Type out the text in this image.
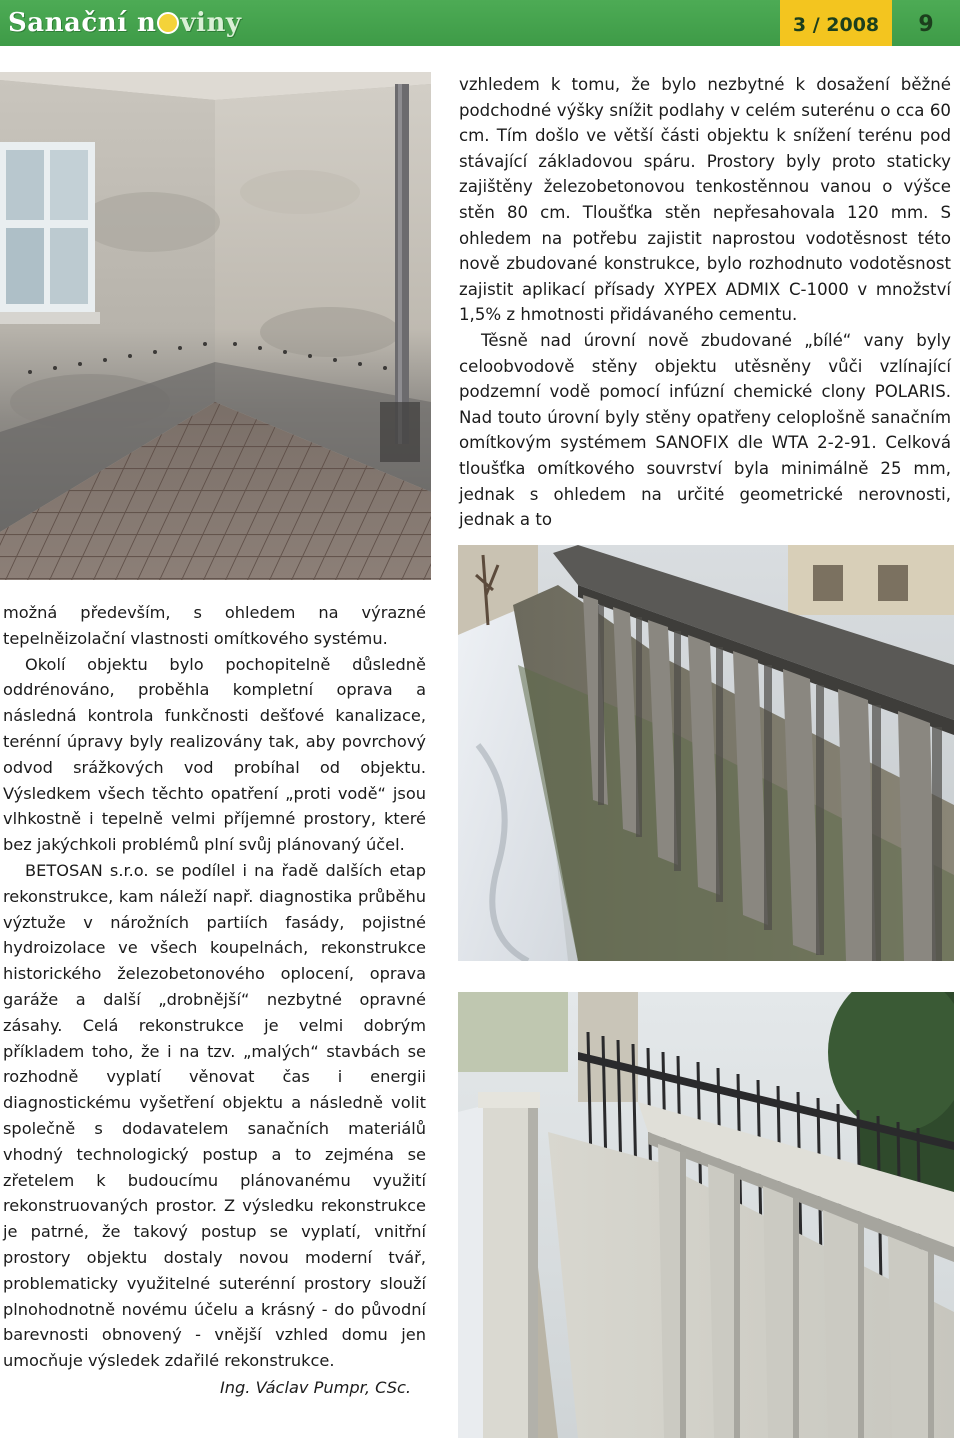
Sanační n viny	3 / 2008	9

vzhledem k tomu, že bylo nezbytné k dosažení běžné podchodné výšky snížit podlahy v celém suterénu o cca 60 cm. Tím došlo ve větší části objektu k snížení terénu pod stávající základovou spáru. Prostory byly proto staticky zajištěny železobetonovou tenkostěnnou vanou o výšce stěn 80 cm. Tloušťka stěn nepřesahovala 120 mm. S ohledem na potřebu zajistit naprostou vodotěsnost této nově zbudované konstrukce, bylo rozhodnuto vodotěsnost zajistit aplikací přísady XYPEX ADMIX C-1000 v množství 1,5% z hmotnosti přidávaného cementu.

Těsně nad úrovní nově zbudované „bílé“ vany byly celoobvodově stěny objektu utěsněny vůči vzlínající podzemní vodě pomocí infúzní chemické clony POLARIS. Nad touto úrovní byly stěny opatřeny celoplošně sanačním omítkovým systémem SANOFIX dle WTA 2-2-91. Celková tloušťka omítkového souvrství byla minimálně 25 mm, jednak s ohledem na určité geometrické nerovnosti, jednak a to

možná především, s ohledem na výrazné tepelněizolační vlastnosti omítkového systému.

Okolí objektu bylo pochopitelně důsledně oddrénováno, proběhla kompletní oprava a následná kontrola funkčnosti dešťové kanalizace, terénní úpravy byly realizovány tak, aby povrchový odvod srážkových vod probíhal od objektu. Výsledkem všech těchto opatření „proti vodě“ jsou vlhkostně i tepelně velmi příjemné prostory, které bez jakýchkoli problémů plní svůj plánovaný účel.

BETOSAN s.r.o. se podílel i na řadě dalších etap rekonstrukce, kam náleží např. diagnostika průběhu výztuže v nárožních partiích fasády, pojistné hydroizolace ve všech koupelnách, rekonstrukce historického železobetonového oplocení, oprava garáže a další „drobnější“ nezbytné opravné zásahy. Celá rekonstrukce je velmi dobrým příkladem toho, že i na tzv. „malých“ stavbách se rozhodně vyplatí věnovat čas i energii diagnostickému vyšetření objektu a následně volit společně s dodavatelem sanačních materiálů vhodný technologický postup a to zejména se zřetelem k budoucímu plánovanému využití rekonstruovaných prostor. Z výsledku rekonstrukce je patrné, že takový postup se vyplatí, vnitřní prostory objektu dostaly novou moderní tvář, problematicky využitelné suterénní prostory slouží plnohodnotně novému účelu a krásný - do původní barevnosti obnovený - vnější vzhled domu jen umocňuje výsledek zdařilé rekonstrukce.

Ing. Václav Pumpr, CSc.
